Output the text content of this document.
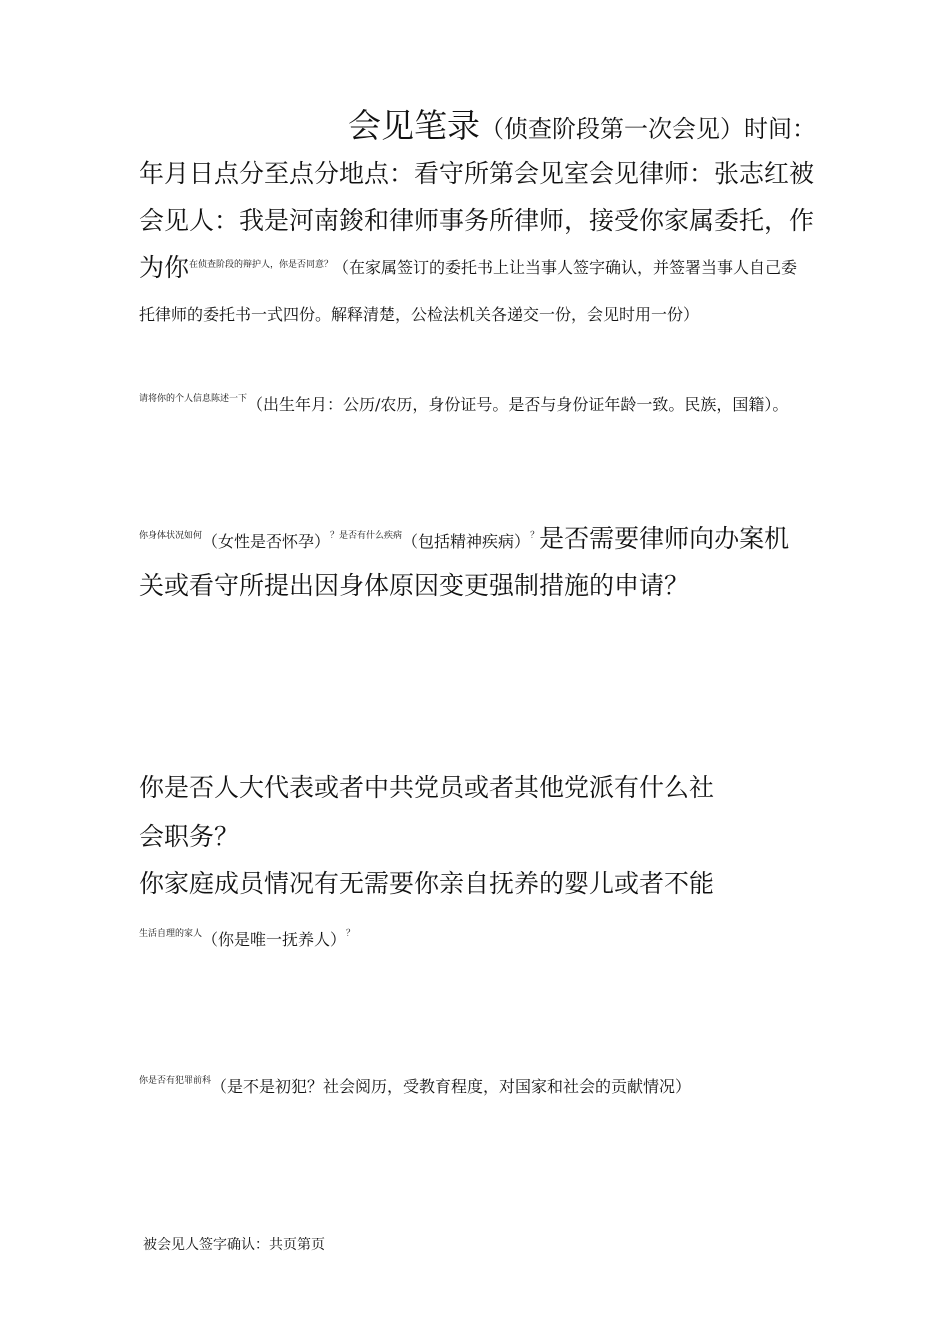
会见笔录（侦查阶段第一次会见）时间：
年月日点分至点分地点：看守所第会见室会见律师：张志红被
会见人：我是河南鋑和律师事务所律师，接受你家属委托，作
为你$^{在侦查阶段的辩护人,你是否同意?}$（在家属签订的委托书上让当事人签字确认，并签署当事人自己委
托律师的委托书一式四份。解释清楚，公检法机关各递交一份，会见时用一份）
$^{请将你的个人信息陈述一下}$（出生年月：公历/农历，身份证号。是否与身份证年龄一致。民族，国籍）。
$^{你身体状况如何}$（女性是否怀孕）$^{?是否有什么疾病}$（包括精神疾病）？是否需要律师向办案机
关或看守所提出因身体原因变更强制措施的申请？
你是否人大代表或者中共党员或者其他党派有什么社
会职务？
你家庭成员情况有无需要你亲自抚养的婴儿或者不能
$^{生活自理的家人}$（你是唯一抚养人）？
$^{你是否有犯罪前科}$（是不是初犯？社会阅历，受教育程度，对国家和社会的贡献情况）
被会见人签字确认：共页第页
